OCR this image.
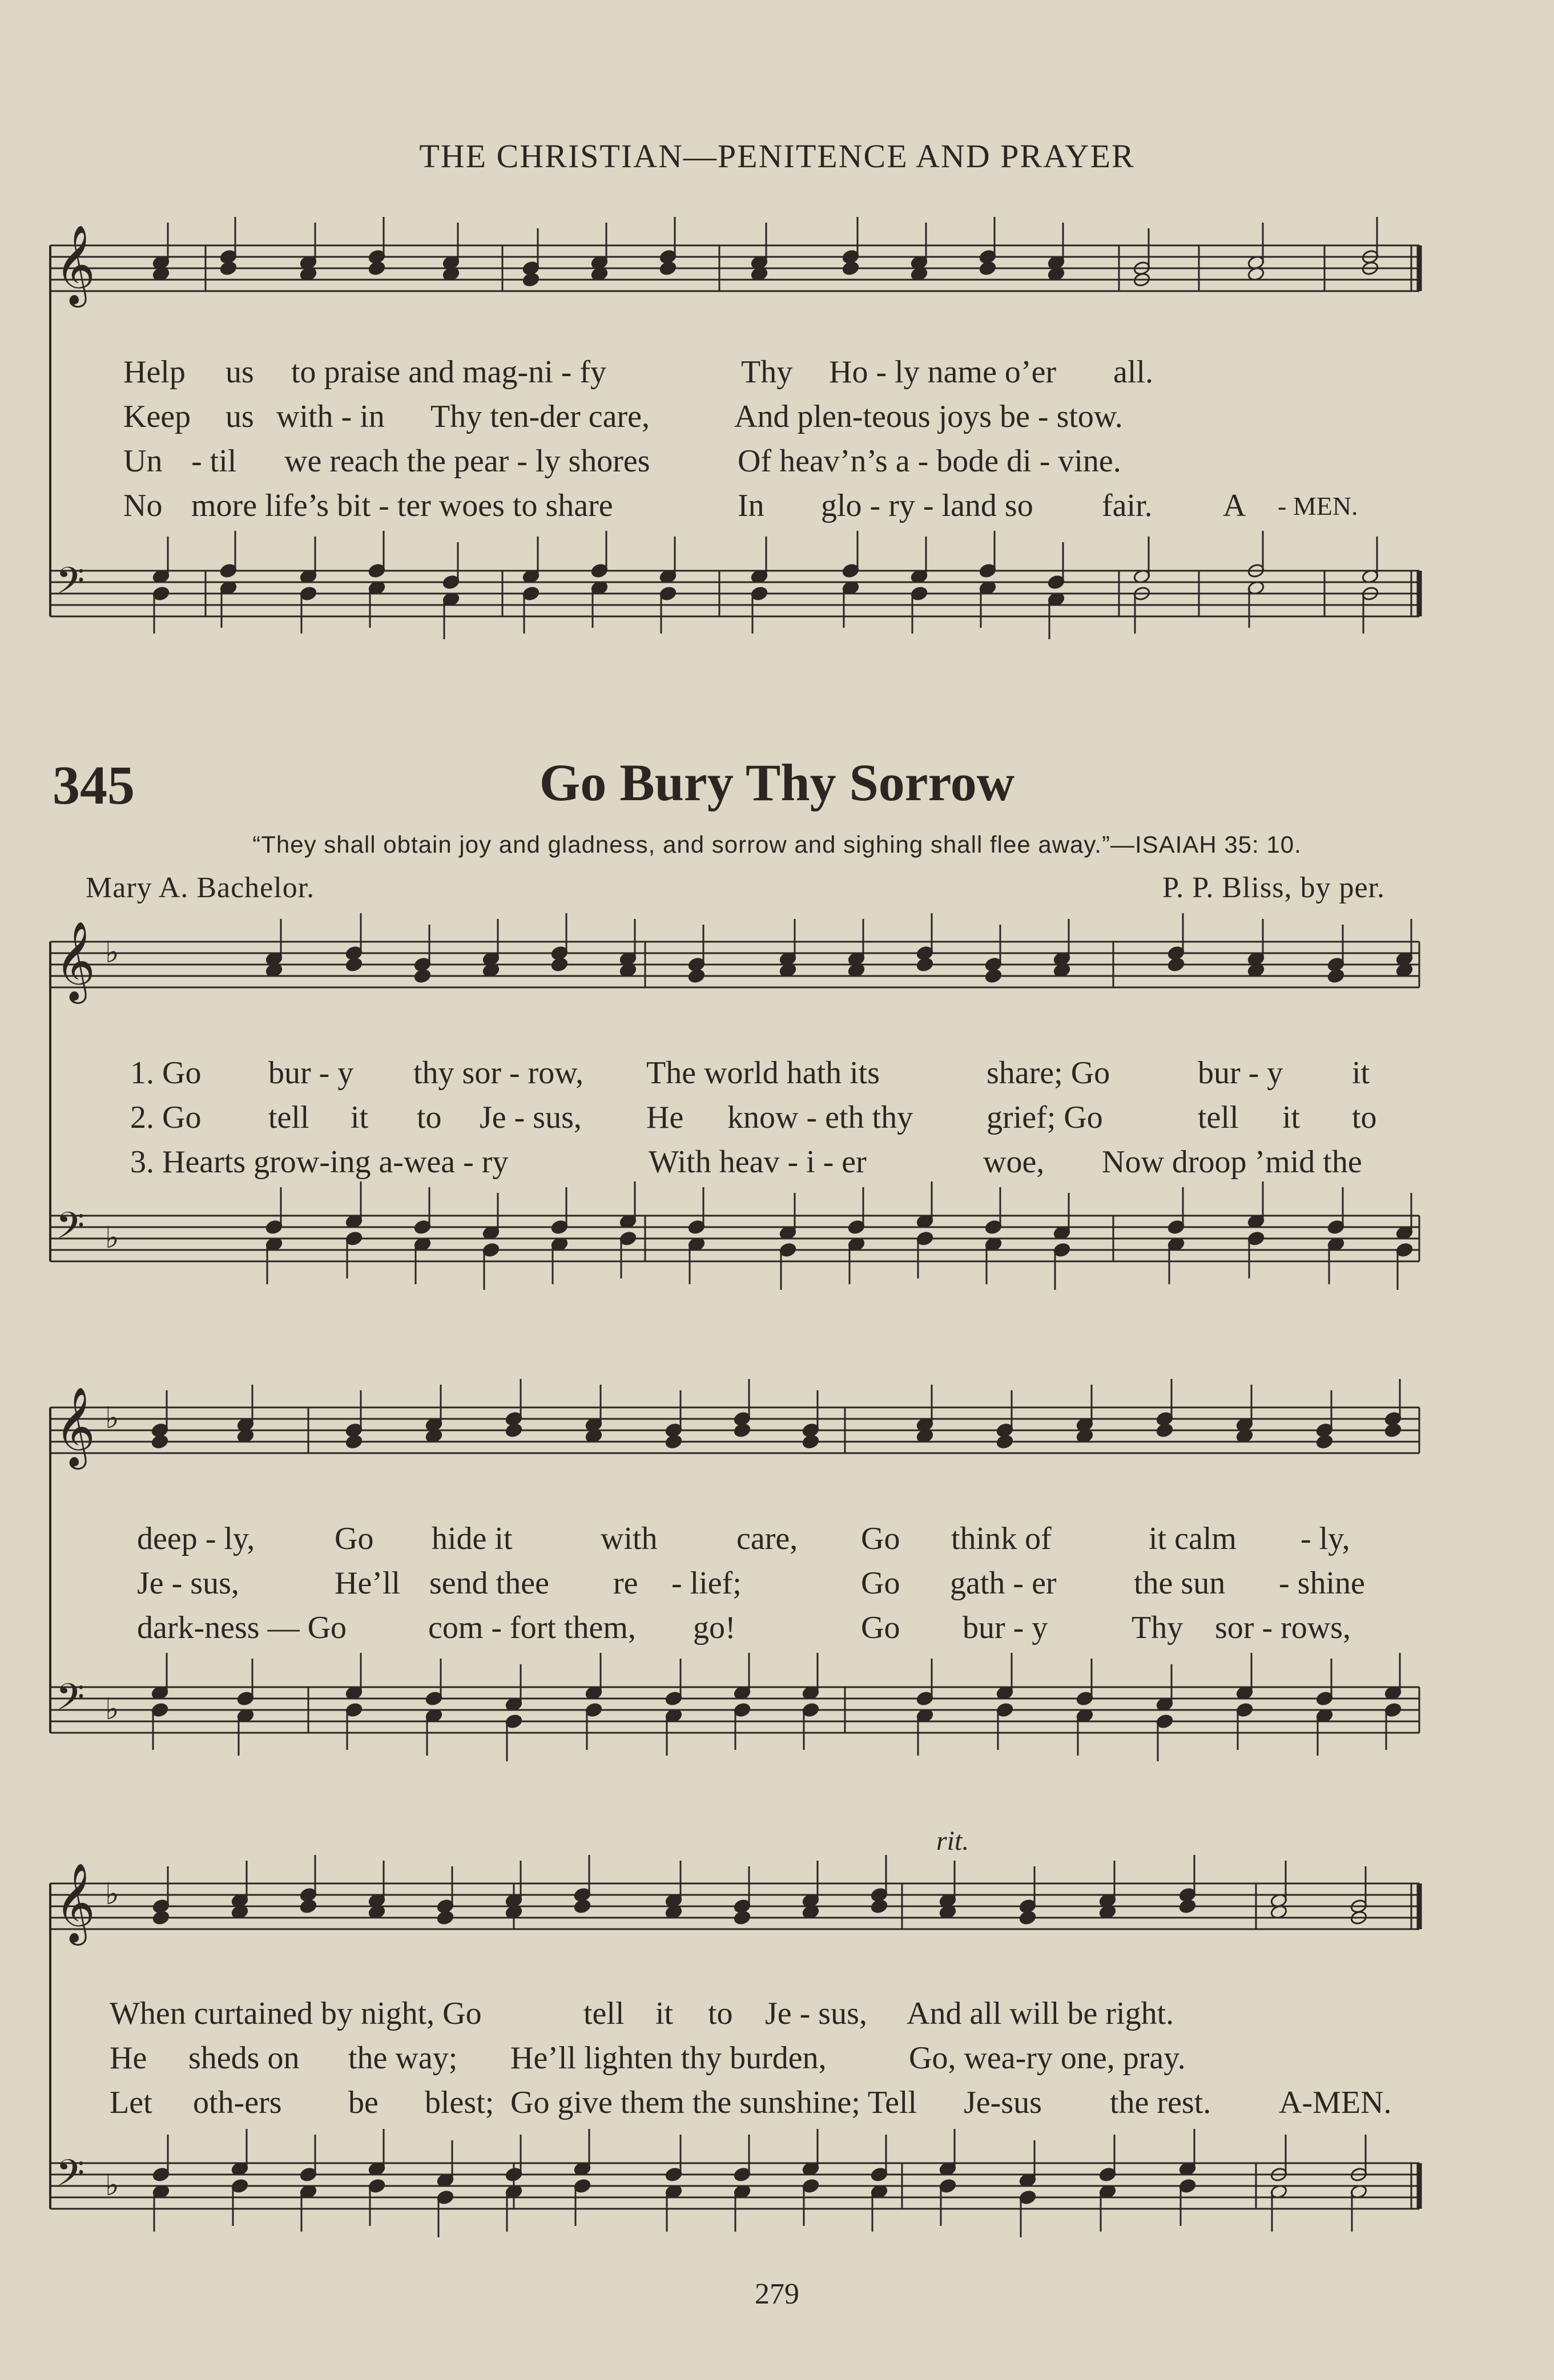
THE CHRISTIAN—PENITENCE AND PRAYER
𝄞
𝄢
𝄞
𝄢
♭
♭
𝄞
𝄢
♭
♭
𝄞
𝄢
♭
♭
Help us to praise and mag-ni - fy	Thy Ho - ly name o’er all.
Keep us with - in Thy ten-der care,	And plen-teous joys be - stow.
Un - til we reach the pear - ly shores	Of heav’n’s a - bode di - vine.
No more life’s bit - ter woes to share	In glo - ry - land so fair. A - MEN.
345	Go Bury Thy Sorrow
“They shall obtain joy and gladness, and sorrow and sighing shall flee away.”—ISAIAH 35: 10.
Mary A. Bachelor.	P. P. Bliss, by per.
1. Go bur - y thy sor - row, The world hath its	share; Go	bur - y it
2. Go tell it to Je - sus, He know - eth thy grief; Go	tell it to
3. Hearts grow-ing a-wea - ry	With heav - i - er	woe, Now droop ’mid the
deep - ly, Go hide it	with care, Go think of	it calm - ly,
Je - sus,	He’ll send thee re - lief;	Go gath - er the sun - shine
dark-ness — Go	com - fort them, go!	Go bur - y	Thy sor - rows,
When curtained by night, Go	tell it to Je - sus, And all will be right.
He sheds on the way; He’ll lighten thy burden,	Go, wea-ry one, pray.
Let oth-ers be blest; Go give them the sunshine; Tell Je-sus the rest. A-MEN.
rit.
279
